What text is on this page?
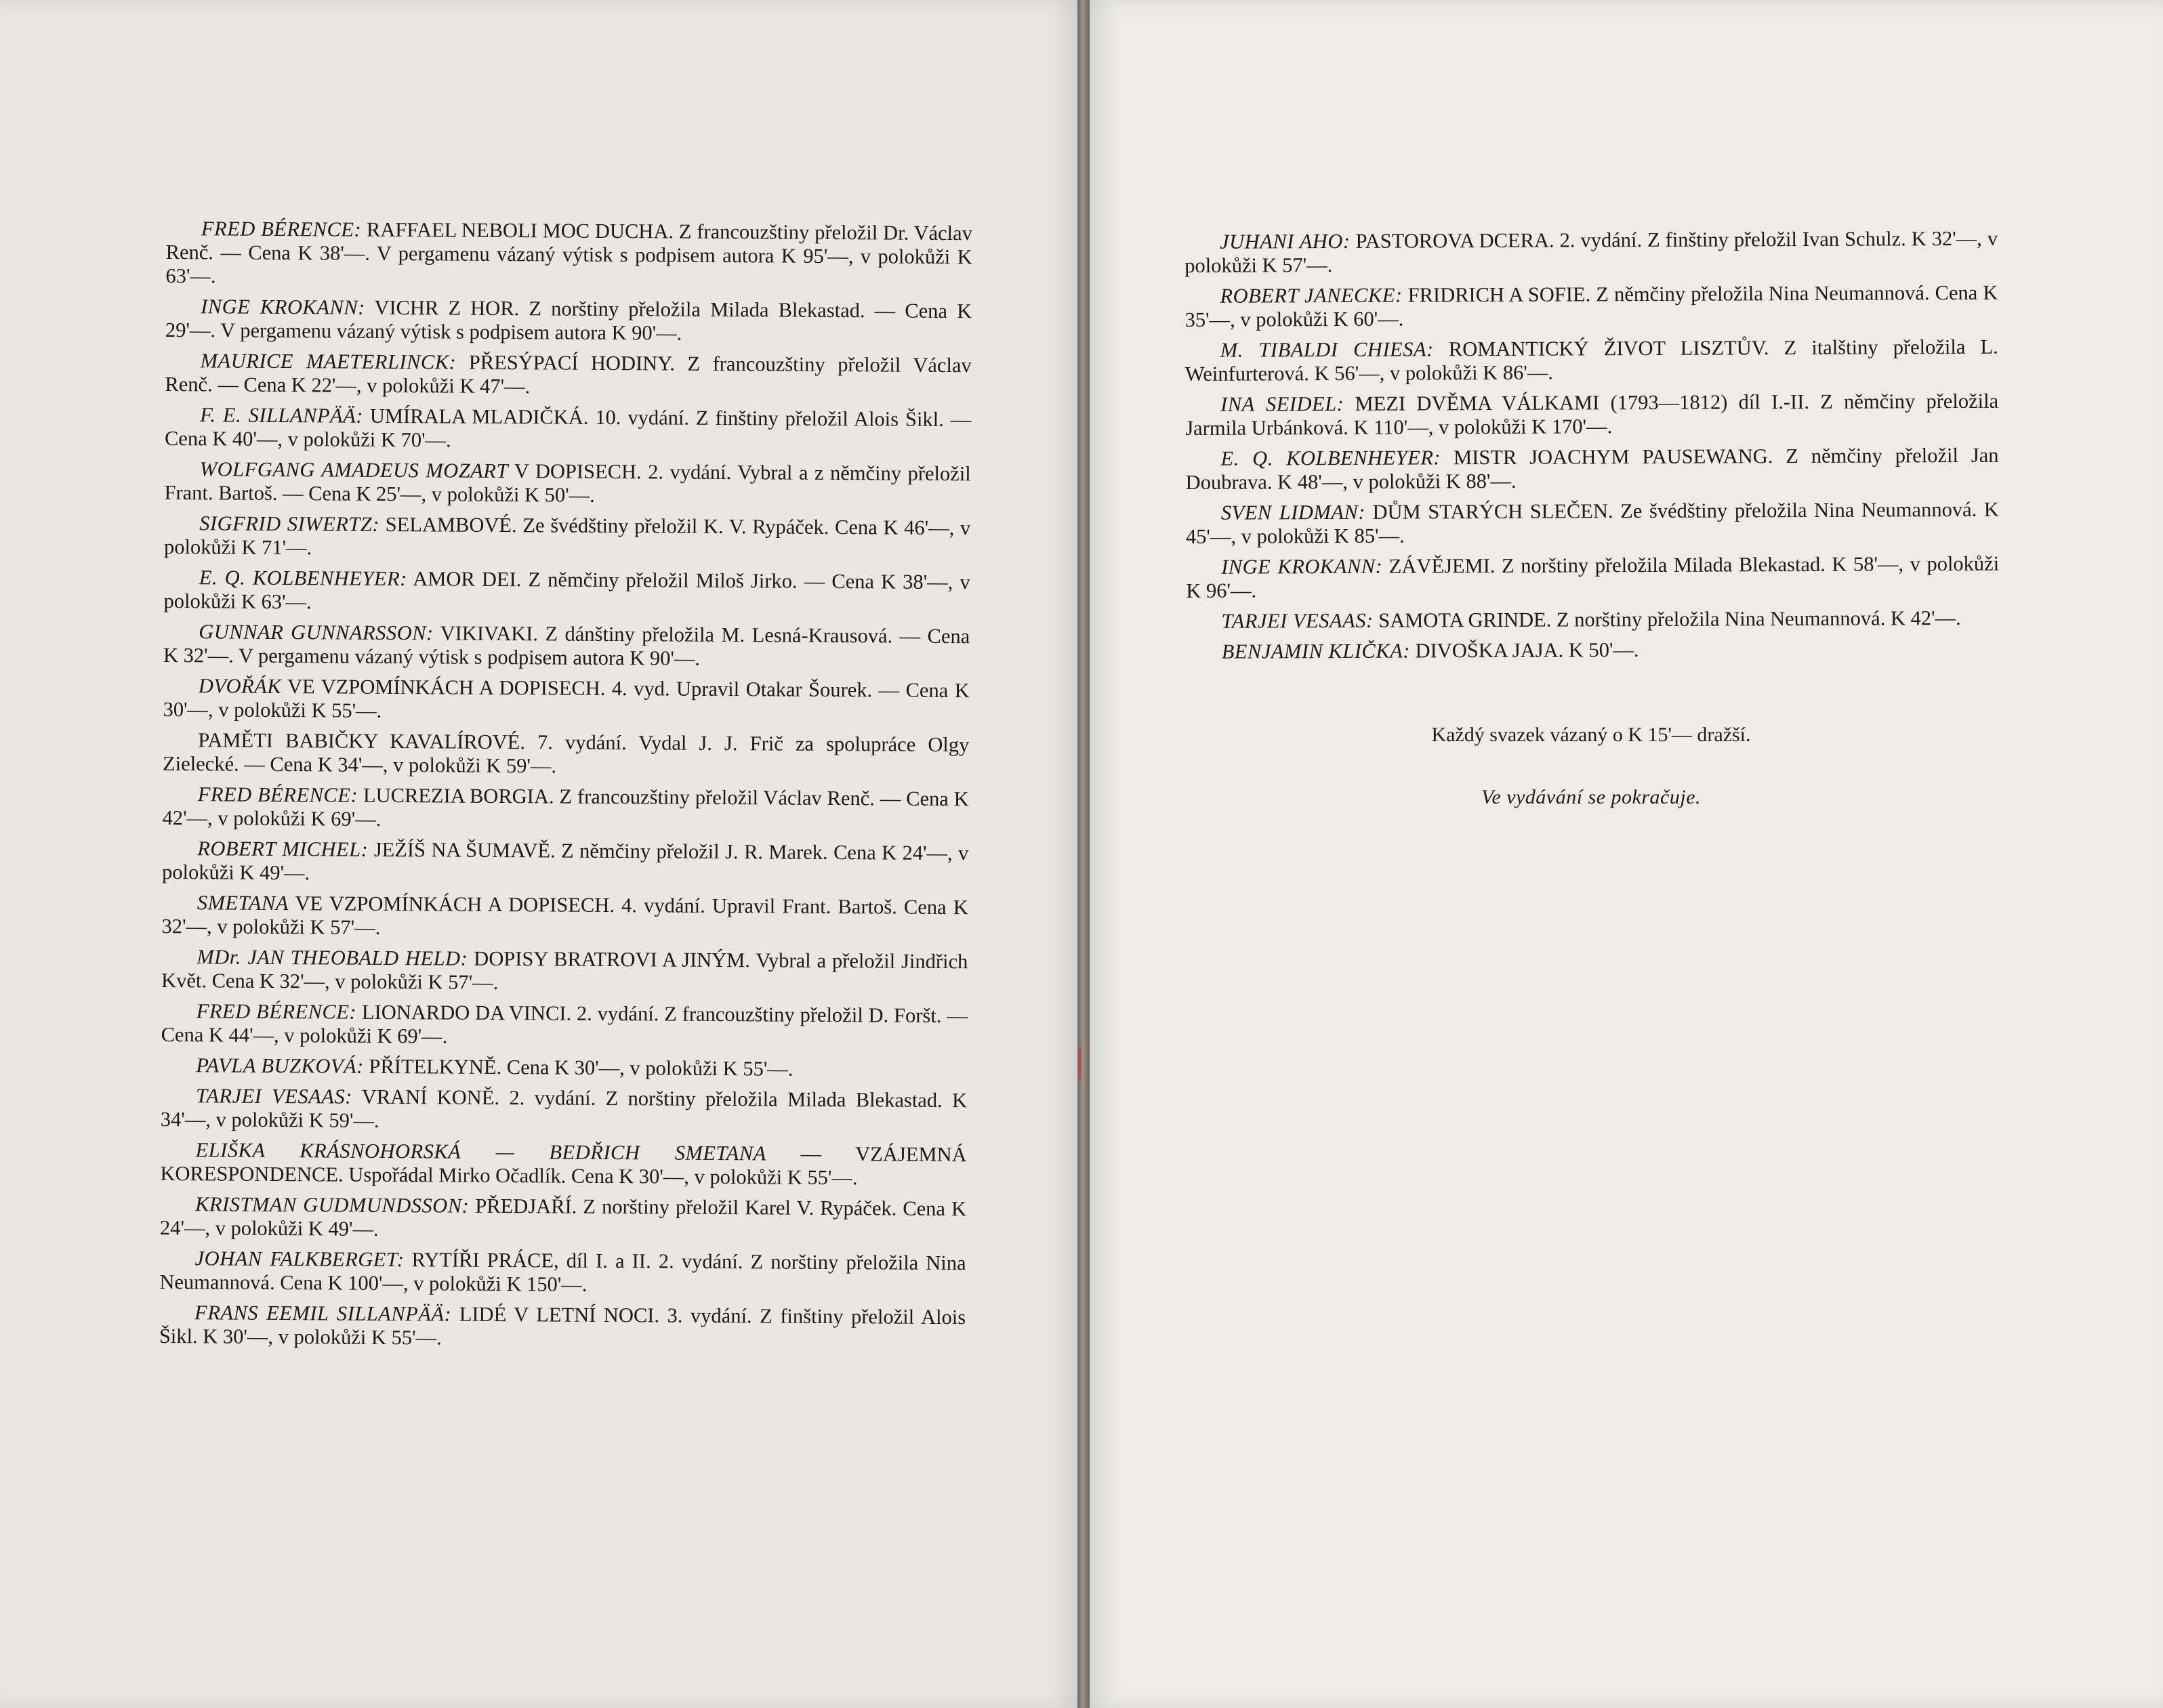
FRED BÉRENCE: RAFFAEL NEBOLI MOC DUCHA. Z francouzštiny přeložil Dr. Václav Renč. — Cena K 38'—. V pergamenu vázaný výtisk s podpisem autora K 95'—, v polokůži K 63'—.

INGE KROKANN: VICHR Z HOR. Z norštiny přeložila Milada Blekastad. — Cena K 29'—. V pergamenu vázaný výtisk s podpisem autora K 90'—.

MAURICE MAETERLINCK: PŘESÝPACÍ HODINY. Z francouzštiny přeložil Václav Renč. — Cena K 22'—, v polokůži K 47'—.

F. E. SILLANPÄÄ: UMÍRALA MLADIČKÁ. 10. vydání. Z finštiny přeložil Alois Šikl. — Cena K 40'—, v polokůži K 70'—.

WOLFGANG AMADEUS MOZART V DOPISECH. 2. vydání. Vybral a z němčiny přeložil Frant. Bartoš. — Cena K 25'—, v polokůži K 50'—.

SIGFRID SIWERTZ: SELAMBOVÉ. Ze švédštiny přeložil K. V. Rypáček. Cena K 46'—, v polokůži K 71'—.

E. Q. KOLBENHEYER: AMOR DEI. Z němčiny přeložil Miloš Jirko. — Cena K 38'—, v polokůži K 63'—.

GUNNAR GUNNARSSON: VIKIVAKI. Z dánštiny přeložila M. Lesná-Krausová. — Cena K 32'—. V pergamenu vázaný výtisk s podpisem autora K 90'—.

DVOŘÁK VE VZPOMÍNKÁCH A DOPISECH. 4. vyd. Upravil Otakar Šourek. — Cena K 30'—, v polokůži K 55'—.

PAMĚTI BABIČKY KAVALÍROVÉ. 7. vydání. Vydal J. J. Frič za spolupráce Olgy Zielecké. — Cena K 34'—, v polokůži K 59'—.

FRED BÉRENCE: LUCREZIA BORGIA. Z francouzštiny přeložil Václav Renč. — Cena K 42'—, v polokůži K 69'—.

ROBERT MICHEL: JEŽÍŠ NA ŠUMAVĚ. Z němčiny přeložil J. R. Marek. Cena K 24'—, v polokůži K 49'—.

SMETANA VE VZPOMÍNKÁCH A DOPISECH. 4. vydání. Upravil Frant. Bartoš. Cena K 32'—, v polokůži K 57'—.

MDr. JAN THEOBALD HELD: DOPISY BRATROVI A JINÝM. Vybral a přeložil Jindřich Květ. Cena K 32'—, v polokůži K 57'—.

FRED BÉRENCE: LIONARDO DA VINCI. 2. vydání. Z francouzštiny přeložil D. Foršt. — Cena K 44'—, v polokůži K 69'—.

PAVLA BUZKOVÁ: PŘÍTELKYNĚ. Cena K 30'—, v polokůži K 55'—.

TARJEI VESAAS: VRANÍ KONĚ. 2. vydání. Z norštiny přeložila Milada Blekastad. K 34'—, v polokůži K 59'—.

ELIŠKA KRÁSNOHORSKÁ — BEDŘICH SMETANA — VZÁJEMNÁ KORESPONDENCE. Uspořádal Mirko Očadlík. Cena K 30'—, v polokůži K 55'—.

KRISTMAN GUDMUNDSSON: PŘEDJAŘÍ. Z norštiny přeložil Karel V. Rypáček. Cena K 24'—, v polokůži K 49'—.

JOHAN FALKBERGET: RYTÍŘI PRÁCE, díl I. a II. 2. vydání. Z norštiny přeložila Nina Neumannová. Cena K 100'—, v polokůži K 150'—.

FRANS EEMIL SILLANPÄÄ: LIDÉ V LETNÍ NOCI. 3. vydání. Z finštiny přeložil Alois Šikl. K 30'—, v polokůži K 55'—.

JUHANI AHO: PASTOROVA DCERA. 2. vydání. Z finštiny přeložil Ivan Schulz. K 32'—, v polokůži K 57'—.

ROBERT JANECKE: FRIDRICH A SOFIE. Z němčiny přeložila Nina Neumannová. Cena K 35'—, v polokůži K 60'—.

M. TIBALDI CHIESA: ROMANTICKÝ ŽIVOT LISZTŮV. Z italštiny přeložila L. Weinfurterová. K 56'—, v polokůži K 86'—.

INA SEIDEL: MEZI DVĚMA VÁLKAMI (1793—1812) díl I.-II. Z němčiny přeložila Jarmila Urbánková. K 110'—, v polokůži K 170'—.

E. Q. KOLBENHEYER: MISTR JOACHYM PAUSEWANG. Z němčiny přeložil Jan Doubrava. K 48'—, v polokůži K 88'—.

SVEN LIDMAN: DŮM STARÝCH SLEČEN. Ze švédštiny přeložila Nina Neumannová. K 45'—, v polokůži K 85'—.

INGE KROKANN: ZÁVĚJEMI. Z norštiny přeložila Milada Blekastad. K 58'—, v polokůži K 96'—.

TARJEI VESAAS: SAMOTA GRINDE. Z norštiny přeložila Nina Neumannová. K 42'—.

BENJAMIN KLIČKA: DIVOŠKA JAJA. K 50'—.

Každý svazek vázaný o K 15'— dražší.
Ve vydávání se pokračuje.
